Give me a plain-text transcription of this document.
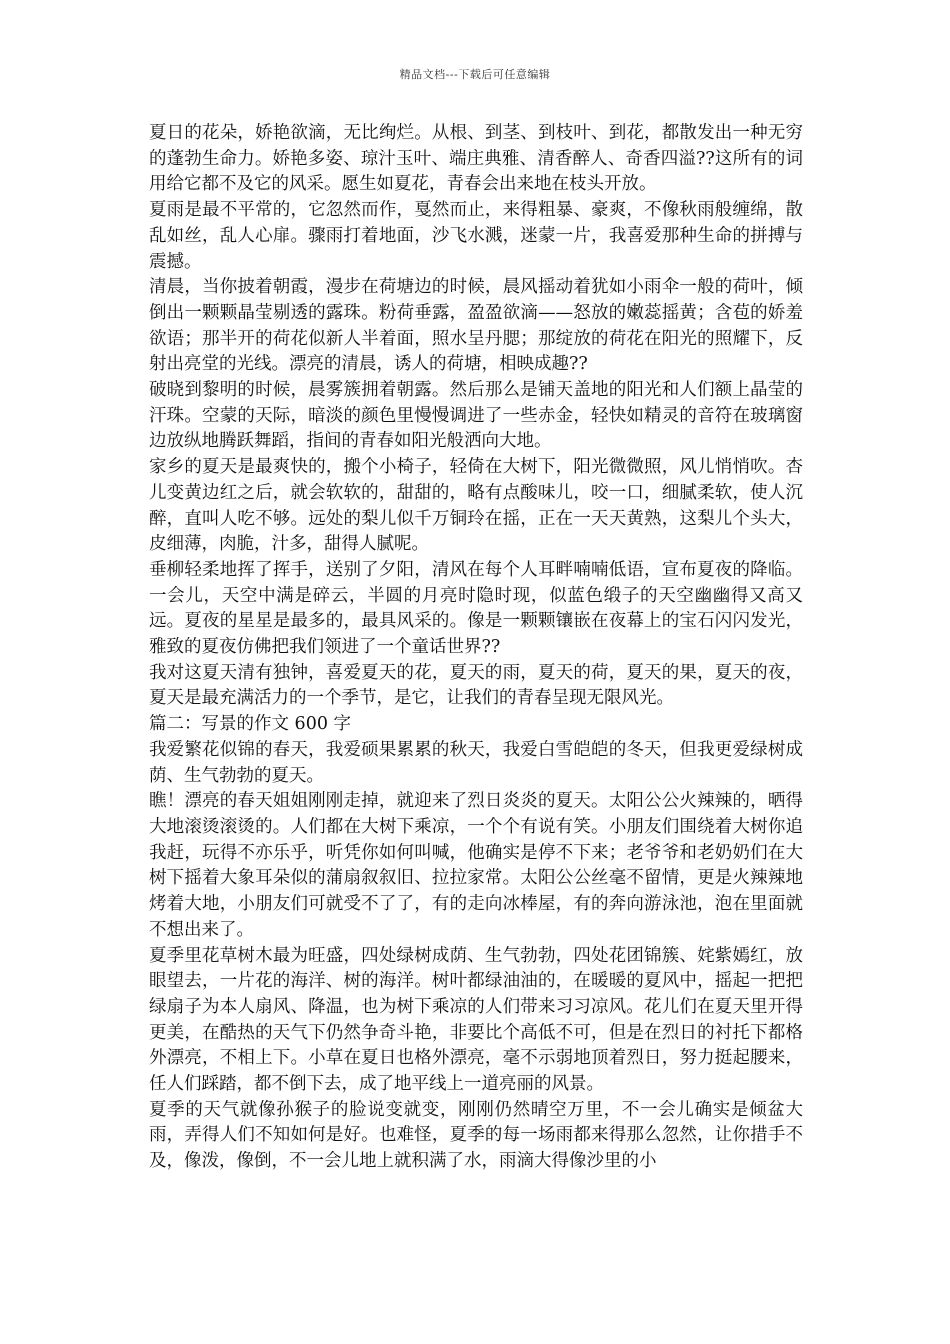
精品文档---下载后可任意编辑

夏日的花朵，娇艳欲滴，无比绚烂。从根、到茎、到枝叶、到花，都散发出一种无穷的蓬勃生命力。娇艳多姿、琼汁玉叶、端庄典雅、清香醉人、奇香四溢??这所有的词用给它都不及它的风采。愿生如夏花，青春会出来地在枝头开放。

夏雨是最不平常的，它忽然而作，戛然而止，来得粗暴、豪爽，不像秋雨般缠绵，散乱如丝，乱人心扉。骤雨打着地面，沙飞水溅，迷蒙一片，我喜爱那种生命的拼搏与震撼。

清晨，当你披着朝霞，漫步在荷塘边的时候，晨风摇动着犹如小雨伞一般的荷叶，倾倒出一颗颗晶莹剔透的露珠。粉荷垂露，盈盈欲滴——怒放的嫩蕊摇黄；含苞的娇羞欲语；那半开的荷花似新人半着面，照水呈丹腮；那绽放的荷花在阳光的照耀下，反射出亮堂的光线。漂亮的清晨，诱人的荷塘，相映成趣??

破晓到黎明的时候，晨雾簇拥着朝露。然后那么是铺天盖地的阳光和人们额上晶莹的汗珠。空蒙的天际，暗淡的颜色里慢慢调进了一些赤金，轻快如精灵的音符在玻璃窗边放纵地腾跃舞蹈，指间的青春如阳光般洒向大地。

家乡的夏天是最爽快的，搬个小椅子，轻倚在大树下，阳光微微照，风儿悄悄吹。杏儿变黄边红之后，就会软软的，甜甜的，略有点酸味儿，咬一口，细腻柔软，使人沉醉，直叫人吃不够。远处的梨儿似千万铜玲在摇，正在一天天黄熟，这梨儿个头大，皮细薄，肉脆，汁多，甜得人腻呢。

垂柳轻柔地挥了挥手，送别了夕阳，清风在每个人耳畔喃喃低语，宣布夏夜的降临。一会儿，天空中满是碎云，半圆的月亮时隐时现，似蓝色缎子的天空幽幽得又高又远。夏夜的星星是最多的，最具风采的。像是一颗颗镶嵌在夜幕上的宝石闪闪发光，雅致的夏夜仿佛把我们领进了一个童话世界??

我对这夏天清有独钟，喜爱夏天的花，夏天的雨，夏天的荷，夏天的果，夏天的夜，夏天是最充满活力的一个季节，是它，让我们的青春呈现无限风光。

篇二：写景的作文 600 字

我爱繁花似锦的春天，我爱硕果累累的秋天，我爱白雪皑皑的冬天，但我更爱绿树成荫、生气勃勃的夏天。

瞧！漂亮的春天姐姐刚刚走掉，就迎来了烈日炎炎的夏天。太阳公公火辣辣的，晒得大地滚烫滚烫的。人们都在大树下乘凉，一个个有说有笑。小朋友们围绕着大树你追我赶，玩得不亦乐乎，听凭你如何叫喊，他确实是停不下来；老爷爷和老奶奶们在大树下摇着大象耳朵似的蒲扇叙叙旧、拉拉家常。太阳公公丝毫不留情，更是火辣辣地烤着大地，小朋友们可就受不了了，有的走向冰棒屋，有的奔向游泳池，泡在里面就不想出来了。

夏季里花草树木最为旺盛，四处绿树成荫、生气勃勃，四处花团锦簇、姹紫嫣红，放眼望去，一片花的海洋、树的海洋。树叶都绿油油的，在暖暖的夏风中，摇起一把把绿扇子为本人扇风、降温，也为树下乘凉的人们带来习习凉风。花儿们在夏天里开得更美，在酷热的天气下仍然争奇斗艳，非要比个高低不可，但是在烈日的衬托下都格外漂亮，不相上下。小草在夏日也格外漂亮，毫不示弱地顶着烈日，努力挺起腰来，任人们踩踏，都不倒下去，成了地平线上一道亮丽的风景。

夏季的天气就像孙猴子的脸说变就变，刚刚仍然晴空万里，不一会儿确实是倾盆大雨，弄得人们不知如何是好。也难怪，夏季的每一场雨都来得那么忽然，让你措手不及，像泼，像倒，不一会儿地上就积满了水，雨滴大得像沙里的小
